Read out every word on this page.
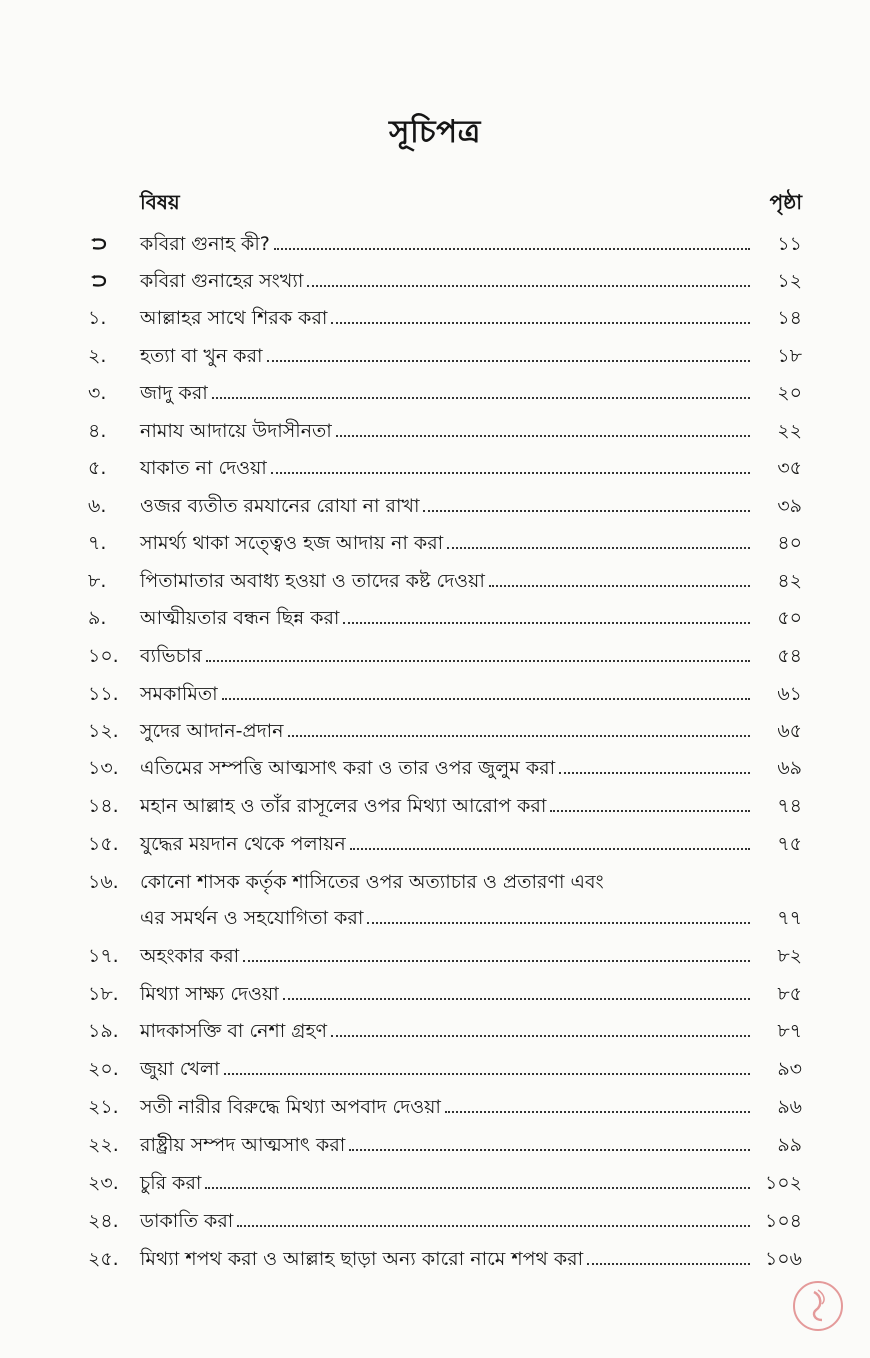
সূচিপত্র
বিষয়	পৃষ্ঠা
কবিরা গুনাহ কী?	১১
কবিরা গুনাহের সংখ্যা	১২
১.	আল্লাহর সাথে শিরক করা	১৪
২.	হত্যা বা খুন করা	১৮
৩.	জাদু করা	২০
৪.	নামায আদায়ে উদাসীনতা	২২
৫.	যাকাত না দেওয়া	৩৫
৬.	ওজর ব্যতীত রমযানের রোযা না রাখা	৩৯
৭.	সামর্থ্য থাকা সত্ত্বেও হজ আদায় না করা	৪০
৮.	পিতামাতার অবাধ্য হওয়া ও তাদের কষ্ট দেওয়া	৪২
৯.	আত্মীয়তার বন্ধন ছিন্ন করা	৫০
১০.	ব্যভিচার	৫৪
১১.	সমকামিতা	৬১
১২.	সুদের আদান-প্রদান	৬৫
১৩.	এতিমের সম্পত্তি আত্মসাৎ করা ও তার ওপর জুলুম করা	৬৯
১৪.	মহান আল্লাহ ও তাঁর রাসূলের ওপর মিথ্যা আরোপ করা	৭৪
১৫.	যুদ্ধের ময়দান থেকে পলায়ন	৭৫
১৬.	কোনো শাসক কর্তৃক শাসিতের ওপর অত্যাচার ও প্রতারণা এবং
এর সমর্থন ও সহযোগিতা করা	৭৭
১৭.	অহংকার করা	৮২
১৮.	মিথ্যা সাক্ষ্য দেওয়া	৮৫
১৯.	মাদকাসক্তি বা নেশা গ্রহণ	৮৭
২০.	জুয়া খেলা	৯৩
২১.	সতী নারীর বিরুদ্ধে মিথ্যা অপবাদ দেওয়া	৯৬
২২.	রাষ্ট্রীয় সম্পদ আত্মসাৎ করা	৯৯
২৩.	চুরি করা	১০২
২৪.	ডাকাতি করা	১০৪
২৫.	মিথ্যা শপথ করা ও আল্লাহ ছাড়া অন্য কারো নামে শপথ করা	১০৬
